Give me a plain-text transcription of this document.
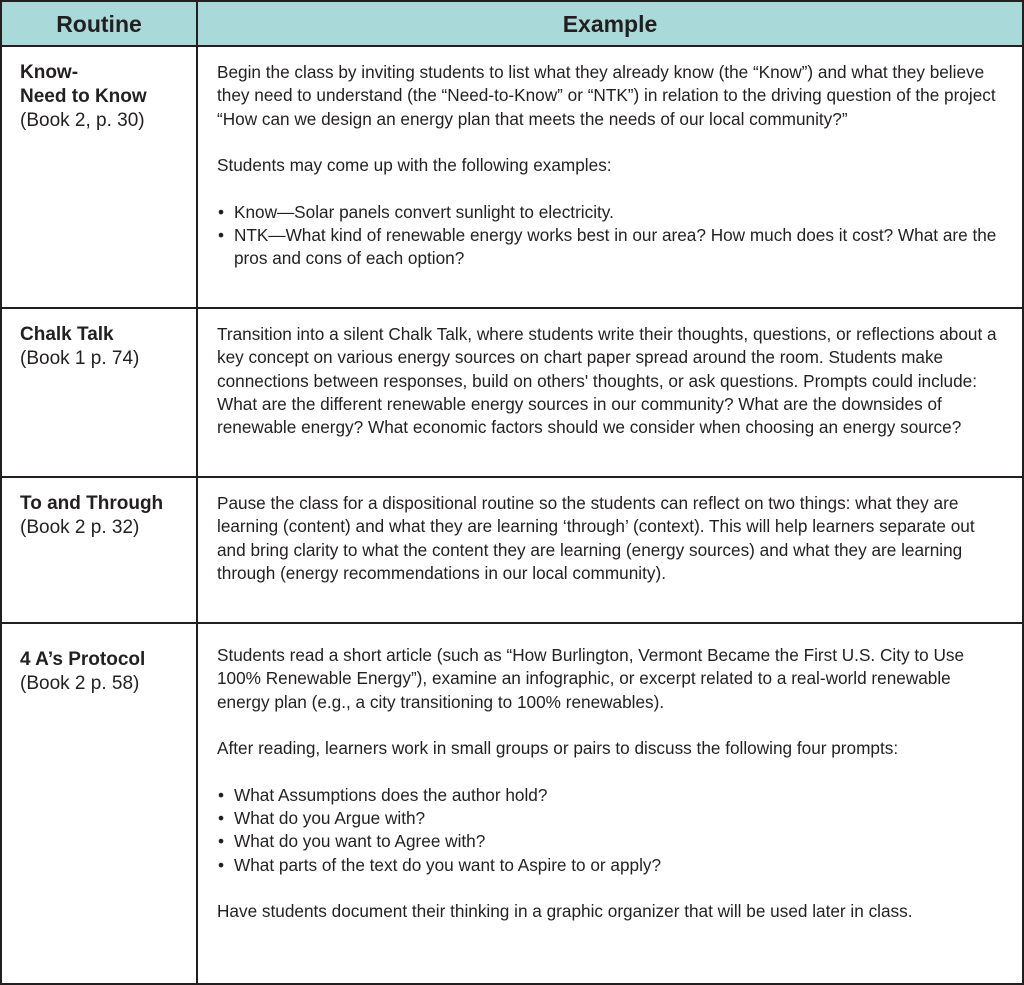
Routine	Example
Know-
Need to Know
(Book 2, p. 30)

Begin the class by inviting students to list what they already know (the “Know”) and what they believe they need to understand (the “Need-to-Know” or “NTK”) in relation to the driving question of the project “How can we design an energy plan that meets the needs of our local community?”

Students may come up with the following examples:

• Know—Solar panels convert sunlight to electricity.
• NTK—What kind of renewable energy works best in our area? How much does it cost? What are the pros and cons of each option?
Chalk Talk
(Book 1 p. 74)

Transition into a silent Chalk Talk, where students write their thoughts, questions, or reflections about a key concept on various energy sources on chart paper spread around the room. Students make connections between responses, build on others' thoughts, or ask questions. Prompts could include: What are the different renewable energy sources in our community? What are the downsides of renewable energy? What economic factors should we consider when choosing an energy source?

To and Through
(Book 2 p. 32)

Pause the class for a dispositional routine so the students can reflect on two things: what they are learning (content) and what they are learning ‘through’ (context). This will help learners separate out and bring clarity to what the content they are learning (energy sources) and what they are learning through (energy recommendations in our local community).

4 A’s Protocol
(Book 2 p. 58)

Students read a short article (such as “How Burlington, Vermont Became the First U.S. City to Use 100% Renewable Energy”), examine an infographic, or excerpt related to a real-world renewable energy plan (e.g., a city transitioning to 100% renewables).

After reading, learners work in small groups or pairs to discuss the following four prompts:

• What Assumptions does the author hold?
• What do you Argue with?
• What do you want to Agree with?
• What parts of the text do you want to Aspire to or apply?

Have students document their thinking in a graphic organizer that will be used later in class.
